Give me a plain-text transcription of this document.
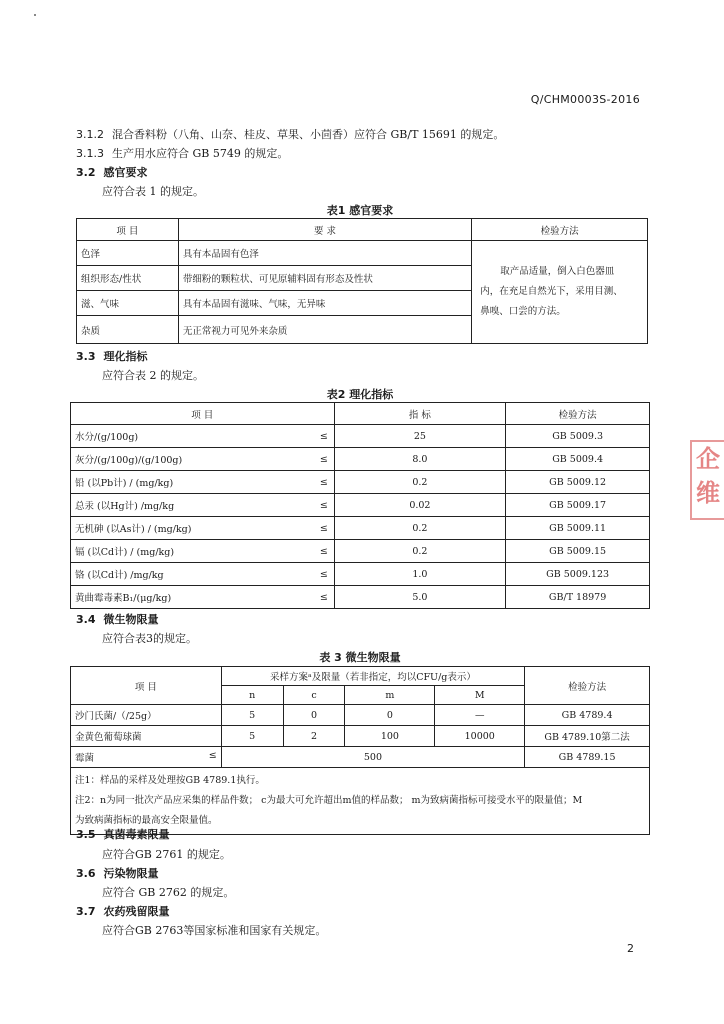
Q/CHM0003S-2016
3.1.2 混合香料粉（八角、山奈、桂皮、草果、小茴香）应符合 GB/T 15691 的规定。
3.1.3 生产用水应符合 GB 5749 的规定。
3.2 感官要求
应符合表 1 的规定。
表1 感官要求
项 目	要 求	检验方法
色泽	具有本品固有色泽	取产品适量，倒入白色器皿
内，在充足自然光下，采用目测、
鼻嗅、口尝的方法。

组织形态/性状	带细粉的颗粒状、可见原辅料固有形态及性状	
滋、气味	具有本品固有滋味、气味，无异味	
杂质	无正常视力可见外来杂质	
3.3 理化指标
应符合表 2 的规定。
表2 理化指标
项 目		指 标	检验方法
水分/(g/100g)	≤	25	GB 5009.3
灰分/(g/100g)/(g/100g)	≤	8.0	GB 5009.4
铅 (以Pb计) / (mg/kg)	≤	0.2	GB 5009.12
总汞 (以Hg计) /mg/kg	≤	0.02	GB 5009.17
无机砷 (以As计) / (mg/kg)	≤	0.2	GB 5009.11
镉 (以Cd计) / (mg/kg)	≤	0.2	GB 5009.15
铬 (以Cd计) /mg/kg	≤	1.0	GB 5009.123
黄曲霉毒素B₁/(μg/kg)	≤	5.0	GB/T 18979
3.4 微生物限量
应符合表3的规定。
表 3 微生物限量
项 目	采样方案ᵃ及限量（若非指定，均以CFU/g表示）				检验方法
	n	c	m	M	
沙门氏菌/（/25g）	5	0	0	—	GB 4789.4
金黄色葡萄球菌	5	2	100	10000	GB 4789.10第二法
霉菌 ≤	500				GB 4789.15

注1：样品的采样及处理按GB 4789.1执行。
注2：n为同一批次产品应采集的样品件数； c为最大可允许超出m值的样品数； m为致病菌指标可接受水平的限量值；M
为致病菌指标的最高安全限量值。					
3.5 真菌毒素限量
应符合GB 2761 的规定。
3.6 污染物限量
应符合 GB 2762 的规定。
3.7 农药残留限量
应符合GB 2763等国家标准和国家有关规定。
2
企
维
